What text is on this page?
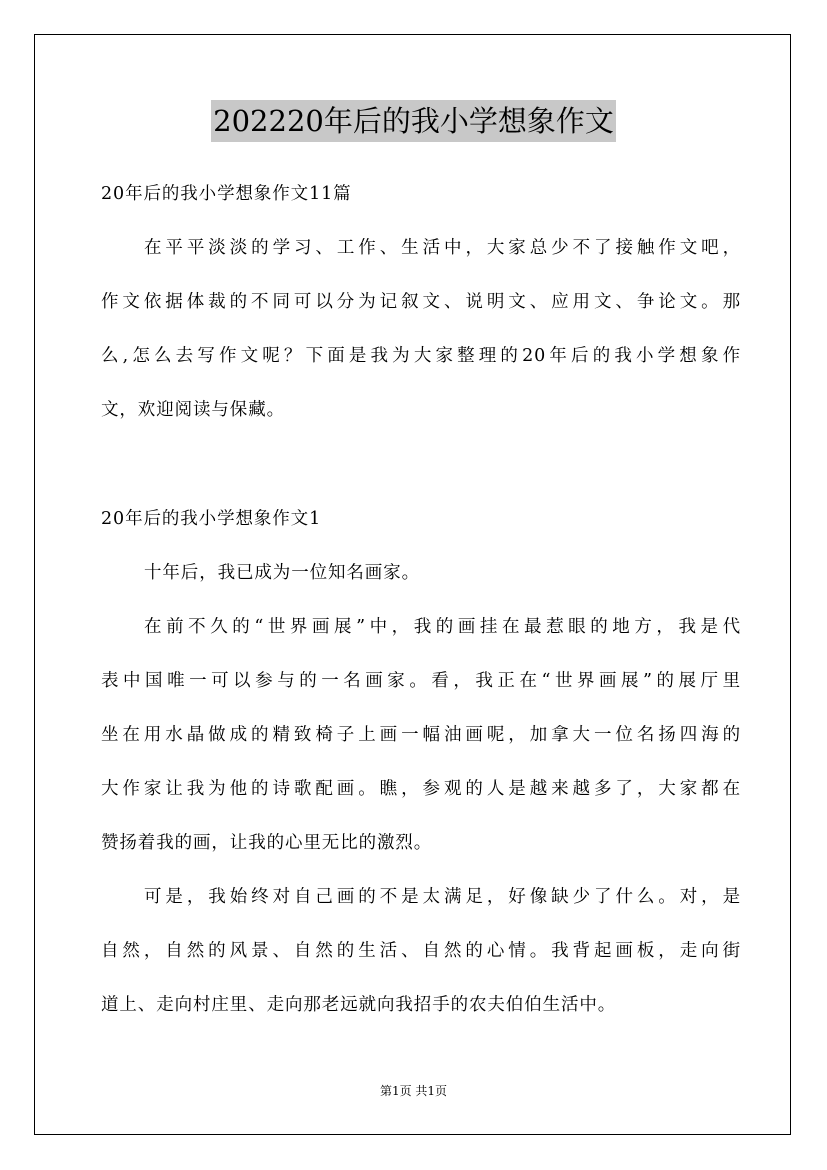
202220年后的我小学想象作文
20年后的我小学想象作文11篇
在平平淡淡的学习、工作、生活中，大家总少不了接触作文吧，
作文依据体裁的不同可以分为记叙文、说明文、应用文、争论文。那
么,怎么去写作文呢？下面是我为大家整理的20年后的我小学想象作
文，欢迎阅读与保藏。
20年后的我小学想象作文1
十年后，我已成为一位知名画家。
在前不久的“世界画展”中，我的画挂在最惹眼的地方，我是代
表中国唯一可以参与的一名画家。看，我正在“世界画展”的展厅里
坐在用水晶做成的精致椅子上画一幅油画呢，加拿大一位名扬四海的
大作家让我为他的诗歌配画。瞧，参观的人是越来越多了，大家都在
赞扬着我的画，让我的心里无比的激烈。
可是，我始终对自己画的不是太满足，好像缺少了什么。对，是
自然，自然的风景、自然的生活、自然的心情。我背起画板，走向街
道上、走向村庄里、走向那老远就向我招手的农夫伯伯生活中。
第1页 共1页
